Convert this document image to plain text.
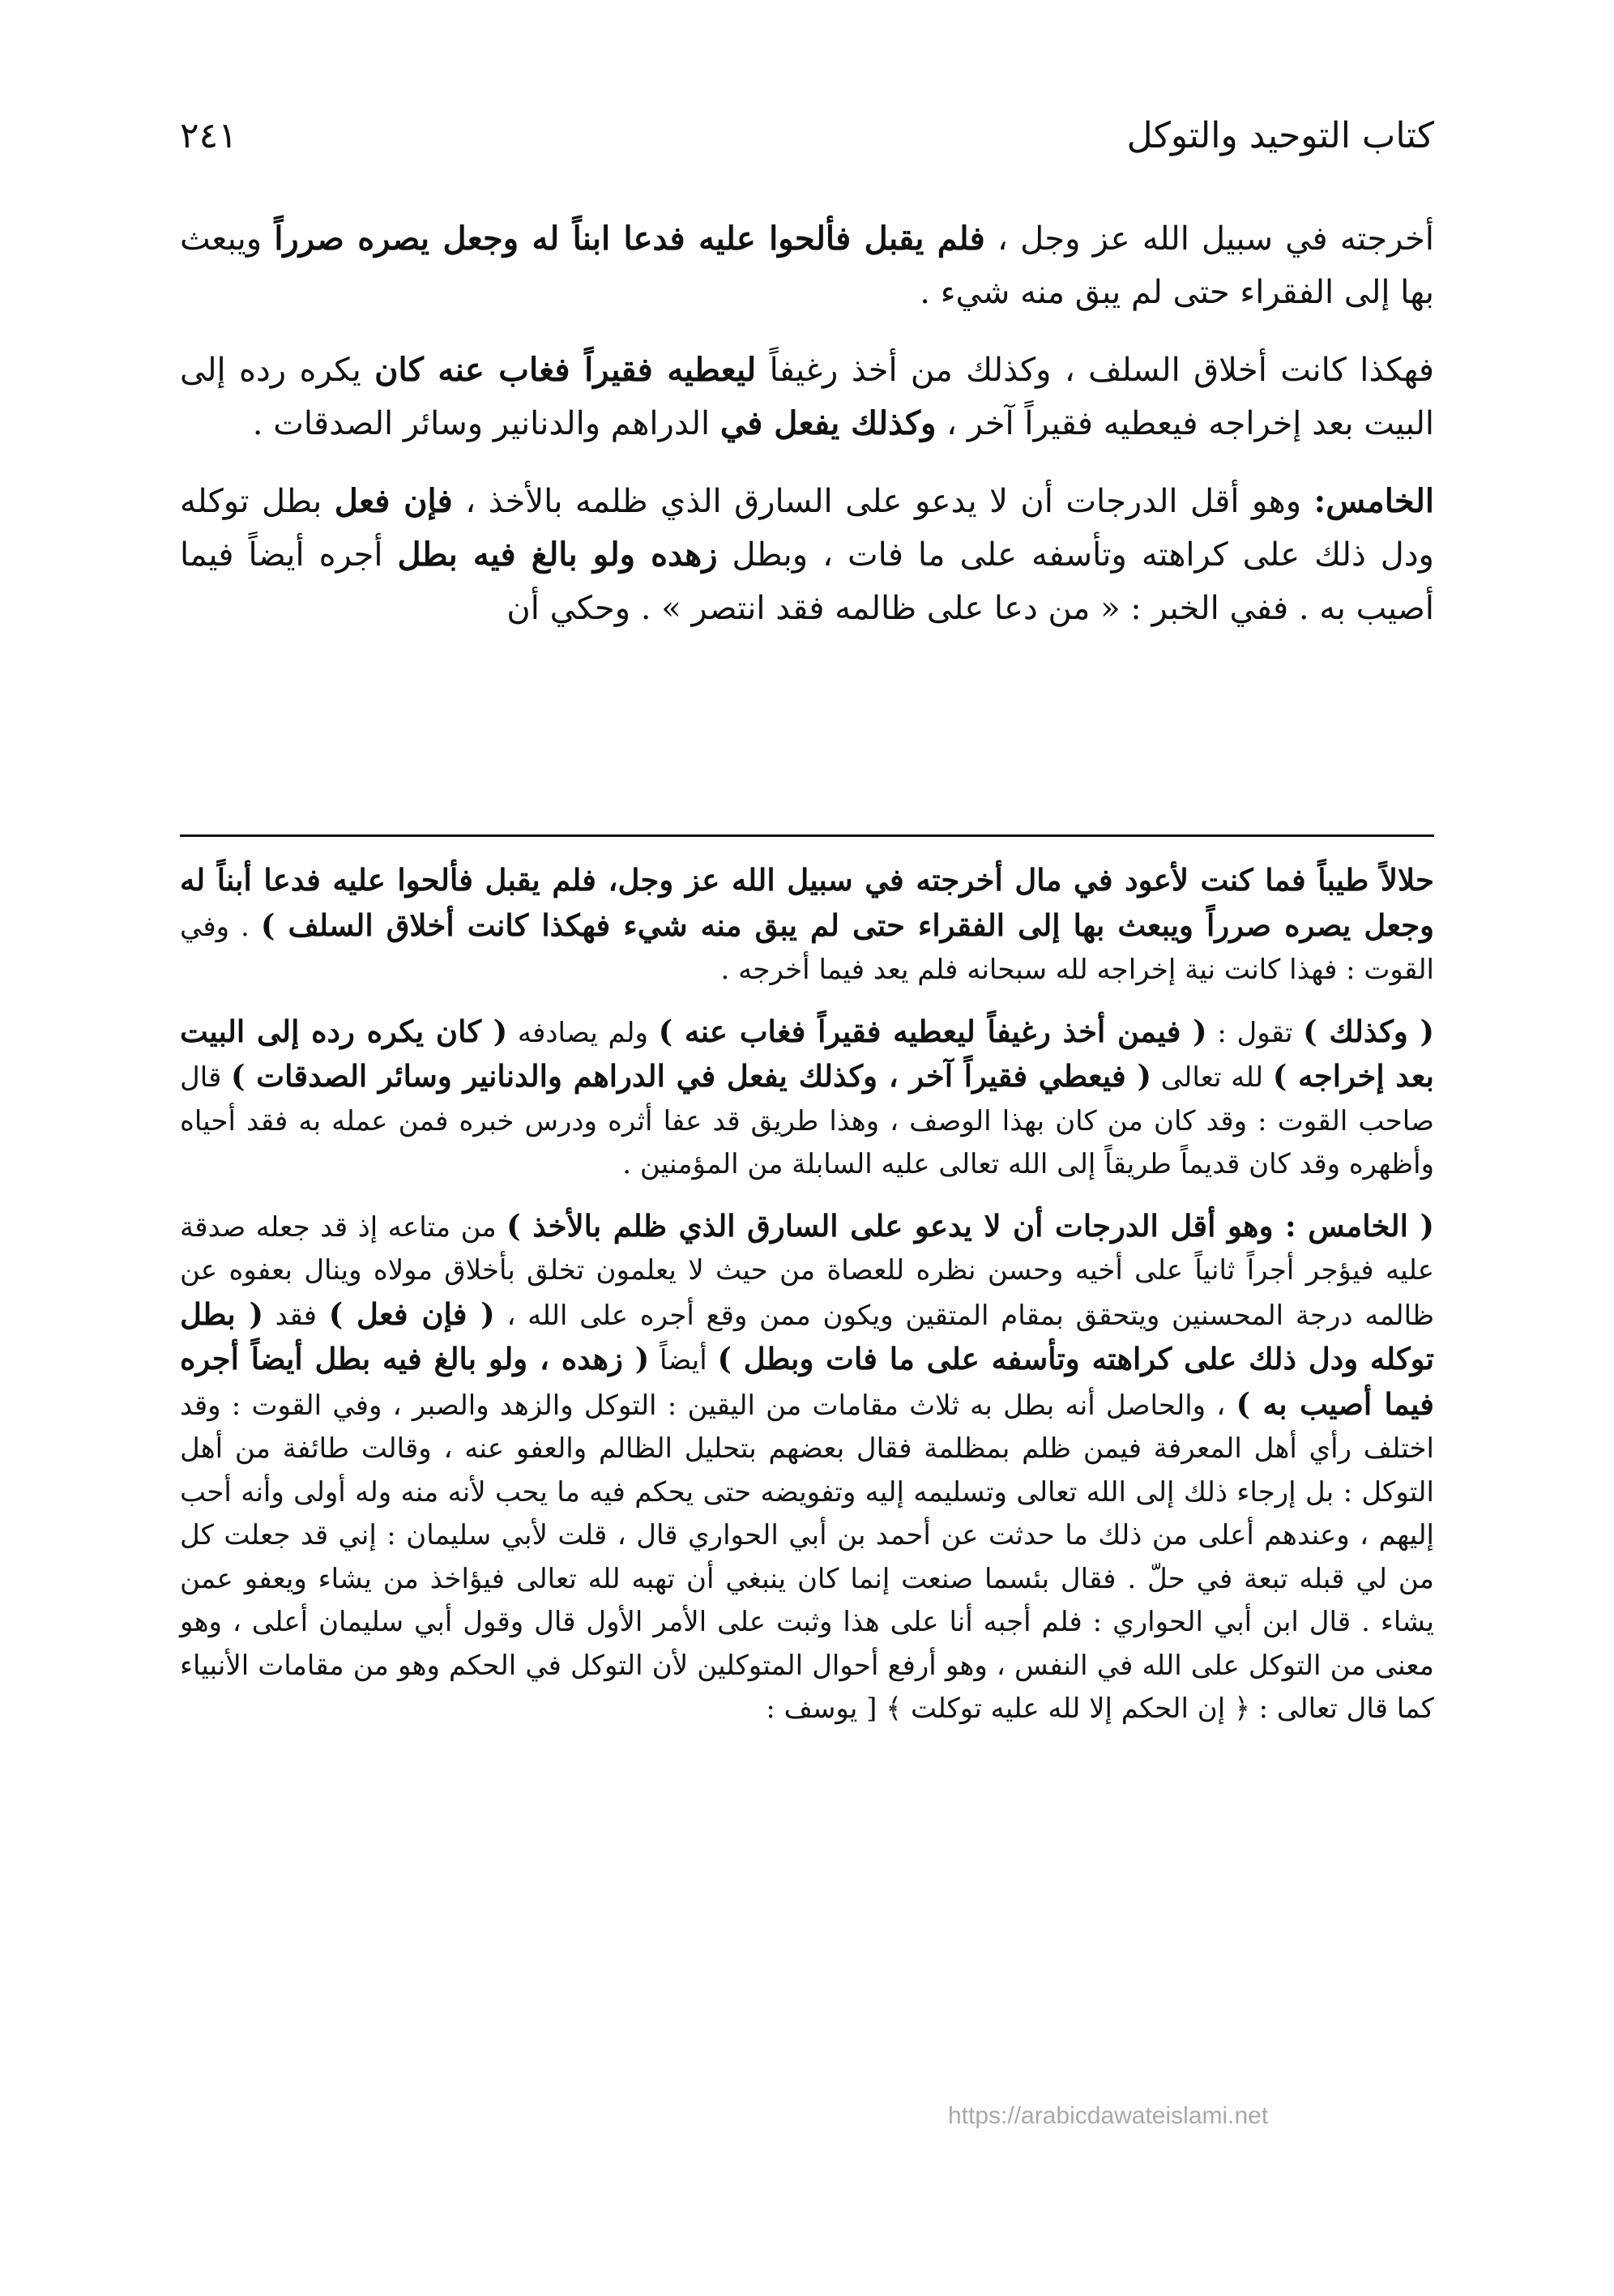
كتاب التوحيد والتوكل
٢٤١

أخرجته في سبيل الله عز وجل ، فلم يقبل فألحوا عليه فدعا ابناً له وجعل يصره صرراً ويبعث بها إلى الفقراء حتى لم يبق منه شيء .

فهكذا كانت أخلاق السلف ، وكذلك من أخذ رغيفاً ليعطيه فقيراً فغاب عنه كان يكره رده إلى البيت بعد إخراجه فيعطيه فقيراً آخر ، وكذلك يفعل في الدراهم والدنانير وسائر الصدقات .

الخامس: وهو أقل الدرجات أن لا يدعو على السارق الذي ظلمه بالأخذ ، فإن فعل بطل توكله ودل ذلك على كراهته وتأسفه على ما فات ، وبطل زهده ولو بالغ فيه بطل أجره أيضاً فيما أصيب به . ففي الخبر : « من دعا على ظالمه فقد انتصر » . وحكي أن

حلالاً طيباً فما كنت لأعود في مال أخرجته في سبيل الله عز وجل، فلم يقبل فألحوا عليه فدعا أبناً له وجعل يصره صرراً ويبعث بها إلى الفقراء حتى لم يبق منه شيء فهكذا كانت أخلاق السلف ) . وفي القوت : فهذا كانت نية إخراجه لله سبحانه فلم يعد فيما أخرجه .

( وكذلك ) تقول : ( فيمن أخذ رغيفاً ليعطيه فقيراً فغاب عنه ) ولم يصادفه ( كان يكره رده إلى البيت بعد إخراجه ) لله تعالى ( فيعطي فقيراً آخر ، وكذلك يفعل في الدراهم والدنانير وسائر الصدقات ) قال صاحب القوت : وقد كان من كان بهذا الوصف ، وهذا طريق قد عفا أثره ودرس خبره فمن عمله به فقد أحياه وأظهره وقد كان قديماً طريقاً إلى الله تعالى عليه السابلة من المؤمنين .

( الخامس : وهو أقل الدرجات أن لا يدعو على السارق الذي ظلم بالأخذ ) من متاعه إذ قد جعله صدقة عليه فيؤجر أجراً ثانياً على أخيه وحسن نظره للعصاة من حيث لا يعلمون تخلق بأخلاق مولاه وينال بعفوه عن ظالمه درجة المحسنين ويتحقق بمقام المتقين ويكون ممن وقع أجره على الله ، ( فإن فعل ) فقد ( بطل توكله ودل ذلك على كراهته وتأسفه على ما فات وبطل ) أيضاً ( زهده ، ولو بالغ فيه بطل أيضاً أجره فيما أصيب به ) ، والحاصل أنه بطل به ثلاث مقامات من اليقين : التوكل والزهد والصبر ، وفي القوت : وقد اختلف رأي أهل المعرفة فيمن ظلم بمظلمة فقال بعضهم بتحليل الظالم والعفو عنه ، وقالت طائفة من أهل التوكل : بل إرجاء ذلك إلى الله تعالى وتسليمه إليه وتفويضه حتى يحكم فيه ما يحب لأنه منه وله أولى وأنه أحب إليهم ، وعندهم أعلى من ذلك ما حدثت عن أحمد بن أبي الحواري قال ، قلت لأبي سليمان : إني قد جعلت كل من لي قبله تبعة في حلّ . فقال بئسما صنعت إنما كان ينبغي أن تهبه لله تعالى فيؤاخذ من يشاء ويعفو عمن يشاء . قال ابن أبي الحواري : فلم أجبه أنا على هذا وثبت على الأمر الأول قال وقول أبي سليمان أعلى ، وهو معنى من التوكل على الله في النفس ، وهو أرفع أحوال المتوكلين لأن التوكل في الحكم وهو من مقامات الأنبياء كما قال تعالى : ﴿ إن الحكم إلا لله عليه توكلت ﴾ [ يوسف :

https://arabicdawateislami.net
